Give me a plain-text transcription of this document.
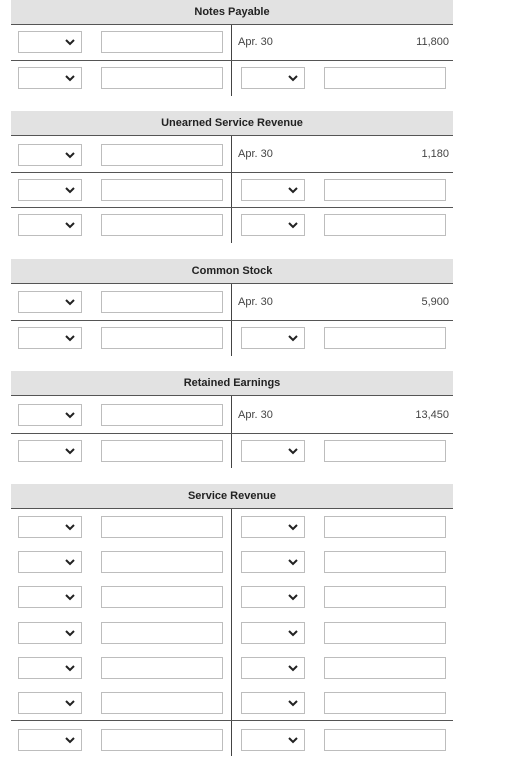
Notes Payable
Apr. 30	11,800
Unearned Service Revenue
Apr. 30	1,180
Common Stock
Apr. 30	5,900
Retained Earnings
Apr. 30	13,450
Service Revenue
